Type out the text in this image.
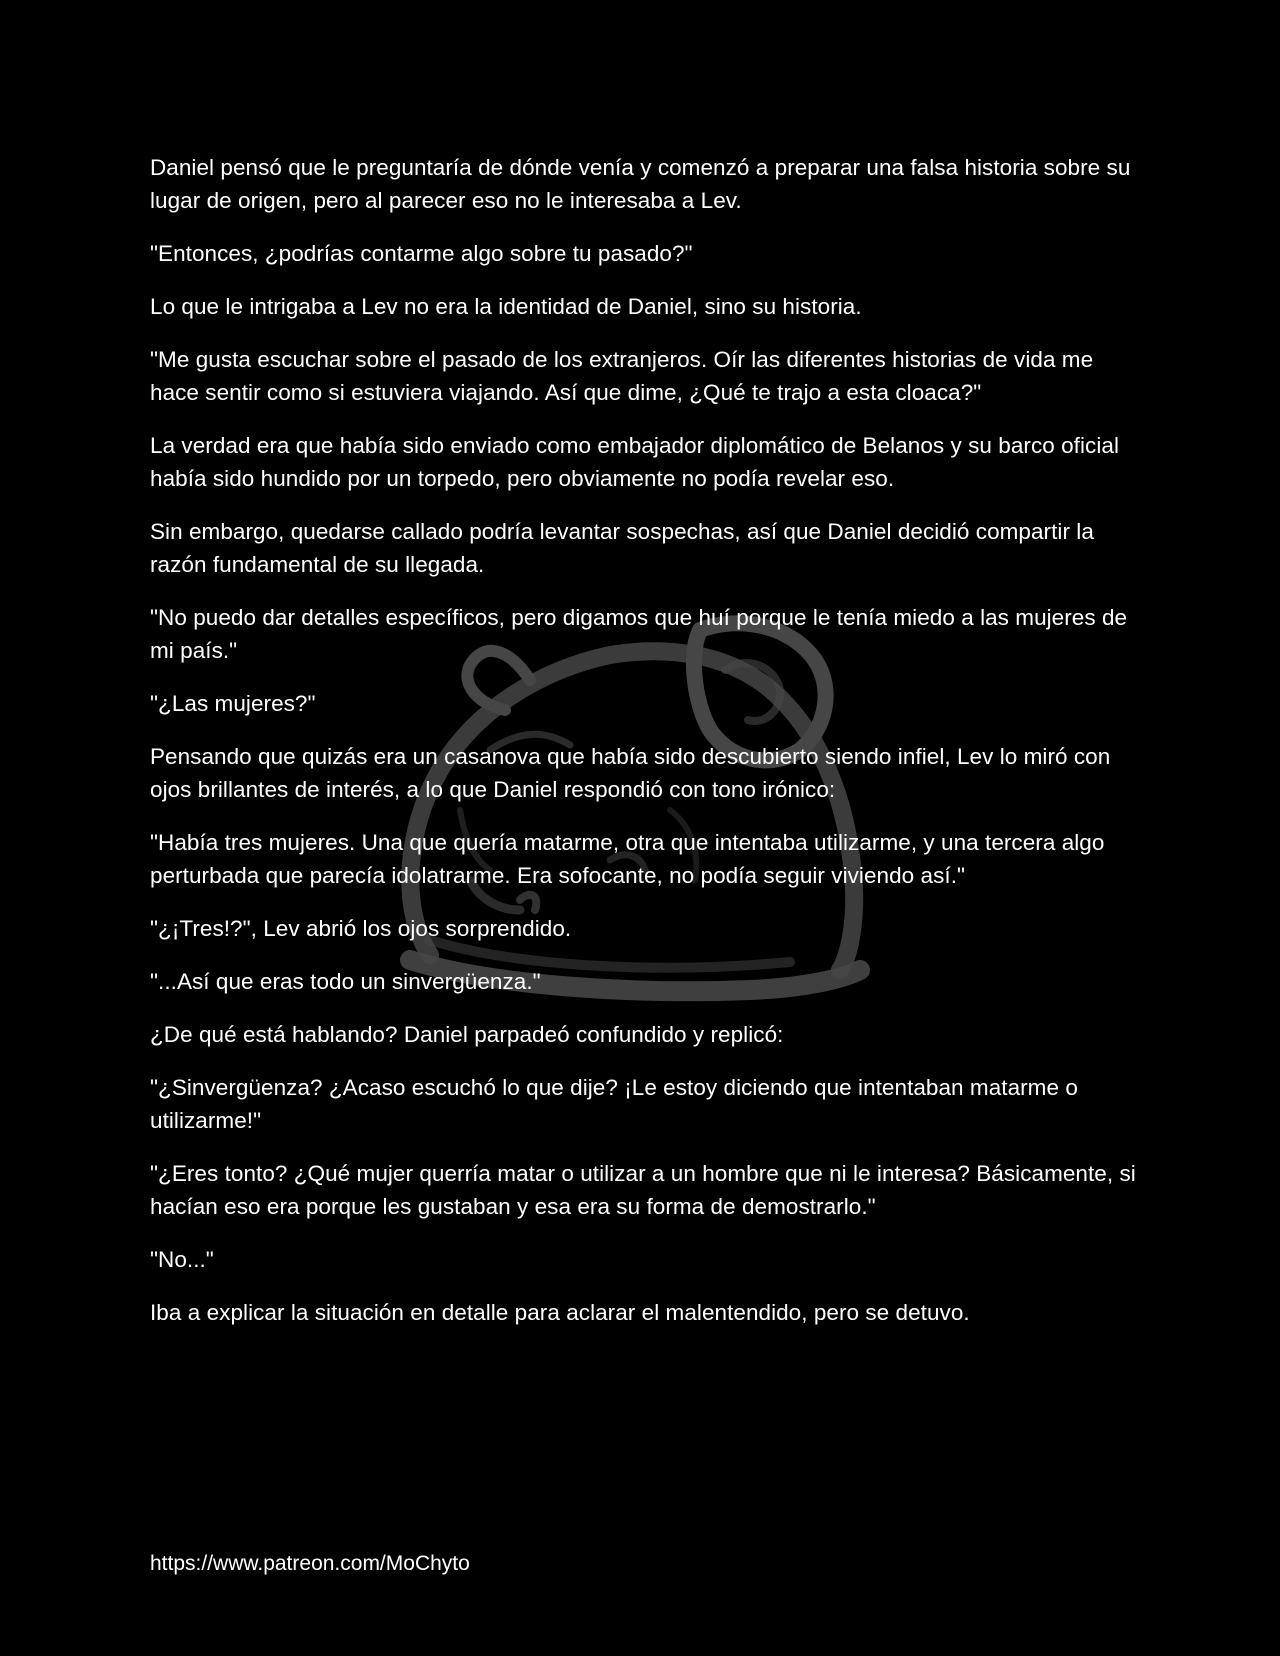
Daniel pensó que le preguntaría de dónde venía y comenzó a preparar una falsa historia sobre su lugar de origen, pero al parecer eso no le interesaba a Lev.

"Entonces, ¿podrías contarme algo sobre tu pasado?"

Lo que le intrigaba a Lev no era la identidad de Daniel, sino su historia.

"Me gusta escuchar sobre el pasado de los extranjeros. Oír las diferentes historias de vida me hace sentir como si estuviera viajando. Así que dime, ¿Qué te trajo a esta cloaca?"

La verdad era que había sido enviado como embajador diplomático de Belanos y su barco oficial había sido hundido por un torpedo, pero obviamente no podía revelar eso.

Sin embargo, quedarse callado podría levantar sospechas, así que Daniel decidió compartir la razón fundamental de su llegada.

"No puedo dar detalles específicos, pero digamos que huí porque le tenía miedo a las mujeres de mi país."

"¿Las mujeres?"

Pensando que quizás era un casanova que había sido descubierto siendo infiel, Lev lo miró con ojos brillantes de interés, a lo que Daniel respondió con tono irónico:

"Había tres mujeres. Una que quería matarme, otra que intentaba utilizarme, y una tercera algo perturbada que parecía idolatrarme. Era sofocante, no podía seguir viviendo así."

"¿¡Tres!?", Lev abrió los ojos sorprendido.

"...Así que eras todo un sinvergüenza."

¿De qué está hablando? Daniel parpadeó confundido y replicó:

"¿Sinvergüenza? ¿Acaso escuchó lo que dije? ¡Le estoy diciendo que intentaban matarme o utilizarme!"

"¿Eres tonto? ¿Qué mujer querría matar o utilizar a un hombre que ni le interesa? Básicamente, si hacían eso era porque les gustaban y esa era su forma de demostrarlo."

"No..."

Iba a explicar la situación en detalle para aclarar el malentendido, pero se detuvo.

https://www.patreon.com/MoChyto
